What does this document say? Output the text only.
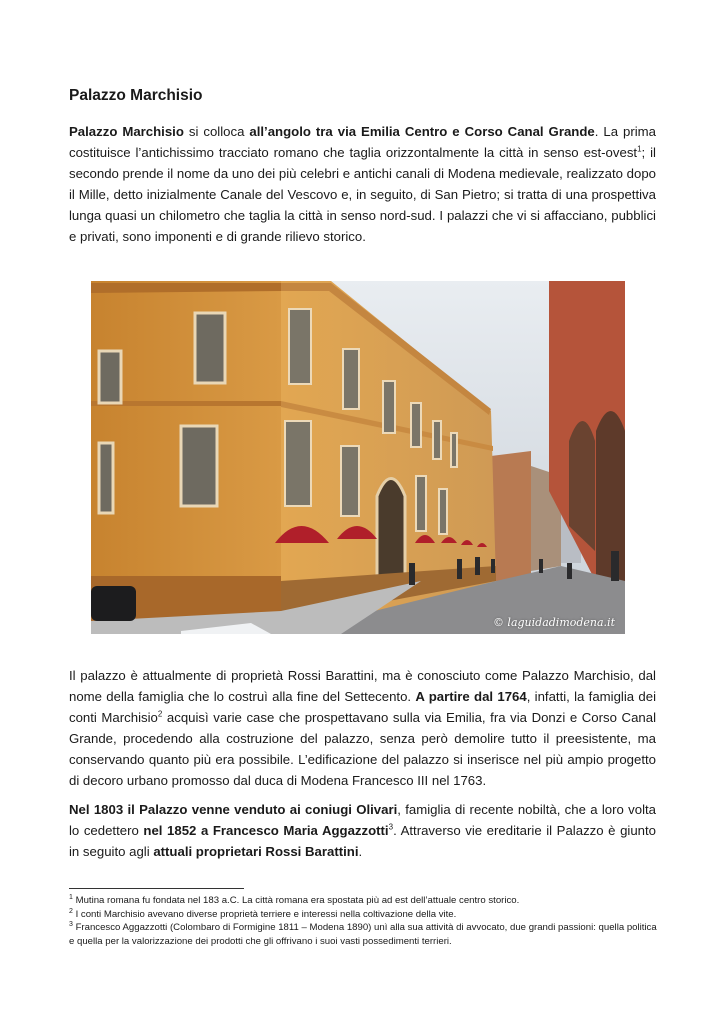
Palazzo Marchisio

Palazzo Marchisio si colloca all’angolo tra via Emilia Centro e Corso Canal Grande. La prima costituisce l’antichissimo tracciato romano che taglia orizzontalmente la città in senso est-ovest$^1$; il secondo prende il nome da uno dei più celebri e antichi canali di Modena medievale, realizzato dopo il Mille, detto inizialmente Canale del Vescovo e, in seguito, di San Pietro; si tratta di una prospettiva lunga quasi un chilometro che taglia la città in senso nord-sud. I palazzi che vi si affacciano, pubblici e privati, sono imponenti e di grande rilievo storico.

© laguidadimodena.it

Il palazzo è attualmente di proprietà Rossi Barattini, ma è conosciuto come Palazzo Marchisio, dal nome della famiglia che lo costruì alla fine del Settecento. A partire dal 1764, infatti, la famiglia dei conti Marchisio$^2$ acquisì varie case che prospettavano sulla via Emilia, fra via Donzi e Corso Canal Grande, procedendo alla costruzione del palazzo, senza però demolire tutto il preesistente, ma conservando quanto più era possibile. L’edificazione del palazzo si inserisce nel più ampio progetto di decoro urbano promosso dal duca di Modena Francesco III nel 1763.

Nel 1803 il Palazzo venne venduto ai coniugi Olivari, famiglia di recente nobiltà, che a loro volta lo cedettero nel 1852 a Francesco Maria Aggazzotti$^3$. Attraverso vie ereditarie il Palazzo è giunto in seguito agli attuali proprietari Rossi Barattini.

$^1$ Mutina romana fu fondata nel 183 a.C. La città romana era spostata più ad est dell’attuale centro storico.

$^2$ I conti Marchisio avevano diverse proprietà terriere e interessi nella coltivazione della vite.

$^3$ Francesco Aggazzotti (Colombaro di Formigine 1811 – Modena 1890) unì alla sua attività di avvocato, due grandi passioni: quella politica e quella per la valorizzazione dei prodotti che gli offrivano i suoi vasti possedimenti terrieri.
